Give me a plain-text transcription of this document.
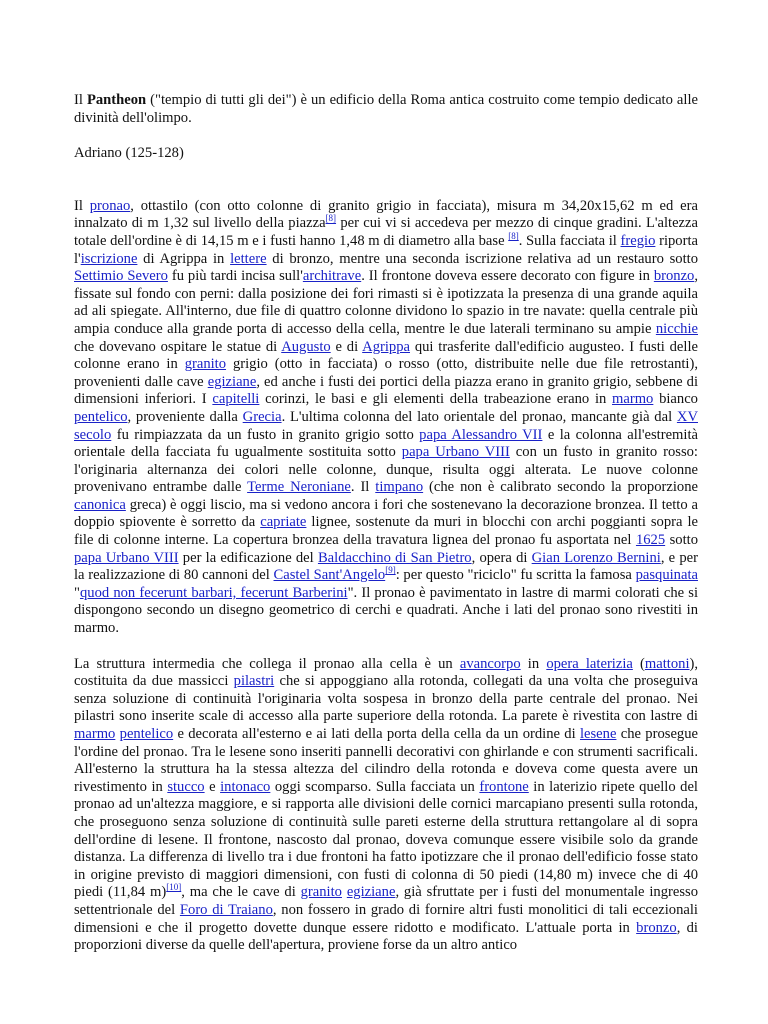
Il Pantheon ("tempio di tutti gli dei") è un edificio della Roma antica costruito come tempio dedicato alle divinità dell'olimpo.

Adriano (125-128)

Il pronao, ottastilo (con otto colonne di granito grigio in facciata), misura m 34,20x15,62 m ed era innalzato di m 1,32 sul livello della piazza[8] per cui vi si accedeva per mezzo di cinque gradini. L'altezza totale dell'ordine è di 14,15 m e i fusti hanno 1,48 m di diametro alla base [8]. Sulla facciata il fregio riporta l'iscrizione di Agrippa in lettere di bronzo, mentre una seconda iscrizione relativa ad un restauro sotto Settimio Severo fu più tardi incisa sull'architrave. Il frontone doveva essere decorato con figure in bronzo, fissate sul fondo con perni: dalla posizione dei fori rimasti si è ipotizzata la presenza di una grande aquila ad ali spiegate. All'interno, due file di quattro colonne dividono lo spazio in tre navate: quella centrale più ampia conduce alla grande porta di accesso della cella, mentre le due laterali terminano su ampie nicchie che dovevano ospitare le statue di Augusto e di Agrippa qui trasferite dall'edificio augusteo. I fusti delle colonne erano in granito grigio (otto in facciata) o rosso (otto, distribuite nelle due file retrostanti), provenienti dalle cave egiziane, ed anche i fusti dei portici della piazza erano in granito grigio, sebbene di dimensioni inferiori. I capitelli corinzi, le basi e gli elementi della trabeazione erano in marmo bianco pentelico, proveniente dalla Grecia. L'ultima colonna del lato orientale del pronao, mancante già dal XV secolo fu rimpiazzata da un fusto in granito grigio sotto papa Alessandro VII e la colonna all'estremità orientale della facciata fu ugualmente sostituita sotto papa Urbano VIII con un fusto in granito rosso: l'originaria alternanza dei colori nelle colonne, dunque, risulta oggi alterata. Le nuove colonne provenivano entrambe dalle Terme Neroniane. Il timpano (che non è calibrato secondo la proporzione canonica greca) è oggi liscio, ma si vedono ancora i fori che sostenevano la decorazione bronzea. Il tetto a doppio spiovente è sorretto da capriate lignee, sostenute da muri in blocchi con archi poggianti sopra le file di colonne interne. La copertura bronzea della travatura lignea del pronao fu asportata nel 1625 sotto papa Urbano VIII per la edificazione del Baldacchino di San Pietro, opera di Gian Lorenzo Bernini, e per la realizzazione di 80 cannoni del Castel Sant'Angelo[9]: per questo "riciclo" fu scritta la famosa pasquinata "quod non fecerunt barbari, fecerunt Barberini". Il pronao è pavimentato in lastre di marmi colorati che si dispongono secondo un disegno geometrico di cerchi e quadrati. Anche i lati del pronao sono rivestiti in marmo.

La struttura intermedia che collega il pronao alla cella è un avancorpo in opera laterizia (mattoni), costituita da due massicci pilastri che si appoggiano alla rotonda, collegati da una volta che proseguiva senza soluzione di continuità l'originaria volta sospesa in bronzo della parte centrale del pronao. Nei pilastri sono inserite scale di accesso alla parte superiore della rotonda. La parete è rivestita con lastre di marmo pentelico e decorata all'esterno e ai lati della porta della cella da un ordine di lesene che prosegue l'ordine del pronao. Tra le lesene sono inseriti pannelli decorativi con ghirlande e con strumenti sacrificali. All'esterno la struttura ha la stessa altezza del cilindro della rotonda e doveva come questa avere un rivestimento in stucco e intonaco oggi scomparso. Sulla facciata un frontone in laterizio ripete quello del pronao ad un'altezza maggiore, e si rapporta alle divisioni delle cornici marcapiano presenti sulla rotonda, che proseguono senza soluzione di continuità sulle pareti esterne della struttura rettangolare al di sopra dell'ordine di lesene. Il frontone, nascosto dal pronao, doveva comunque essere visibile solo da grande distanza. La differenza di livello tra i due frontoni ha fatto ipotizzare che il pronao dell'edificio fosse stato in origine previsto di maggiori dimensioni, con fusti di colonna di 50 piedi (14,80 m) invece che di 40 piedi (11,84 m)[10], ma che le cave di granito egiziane, già sfruttate per i fusti del monumentale ingresso settentrionale del Foro di Traiano, non fossero in grado di fornire altri fusti monolitici di tali eccezionali dimensioni e che il progetto dovette dunque essere ridotto e modificato. L'attuale porta in bronzo, di proporzioni diverse da quelle dell'apertura, proviene forse da un altro antico
